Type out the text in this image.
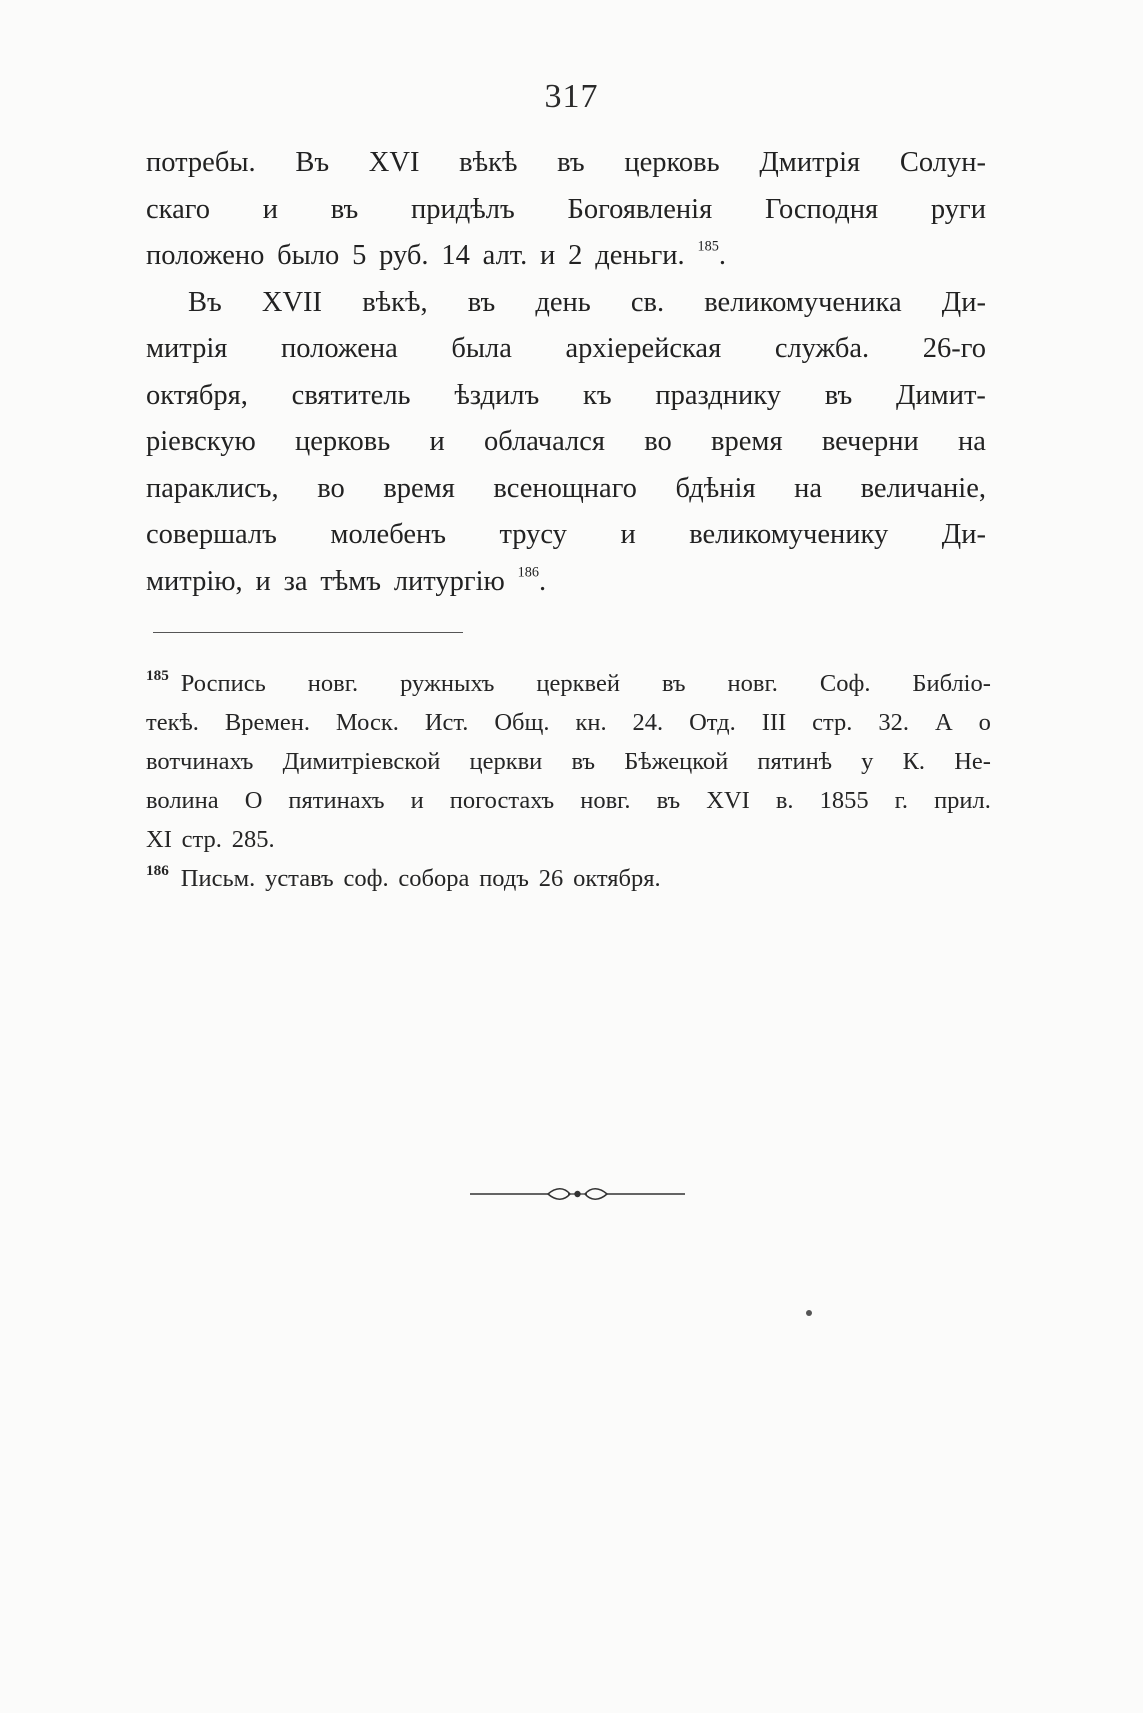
317
потребы. Въ XVI вѣкѣ въ церковь Дмитрія Солун-
скаго и въ придѣлъ Богоявленія Господня руги
положено было 5 руб. 14 алт. и 2 деньги. $^{185}$.
Въ XVII вѣкѣ, въ день св. великомученика Ди-
митрія положена была архіерейская служба. 26-го
октября, святитель ѣздилъ къ празднику въ Димит-
ріевскую церковь и облачался во время вечерни на
параклисъ, во время всенощнаго бдѣнія на величаніе,
совершалъ молебенъ трусу и великомученику Ди-
митрію, и за тѣмъ литургію $^{186}$.
$^{185}$ Роспись новг. ружныхъ церквей въ новг. Соф. Библіо-
текѣ. Времен. Моск. Ист. Общ. кн. 24. Отд. III стр. 32. А о
вотчинахъ Димитріевской церкви въ Бѣжецкой пятинѣ у К. Не-
волина О пятинахъ и погостахъ новг. въ XVI в. 1855 г. прил.
XI стр. 285.
$^{186}$ Письм. уставъ соф. собора подъ 26 октября.
